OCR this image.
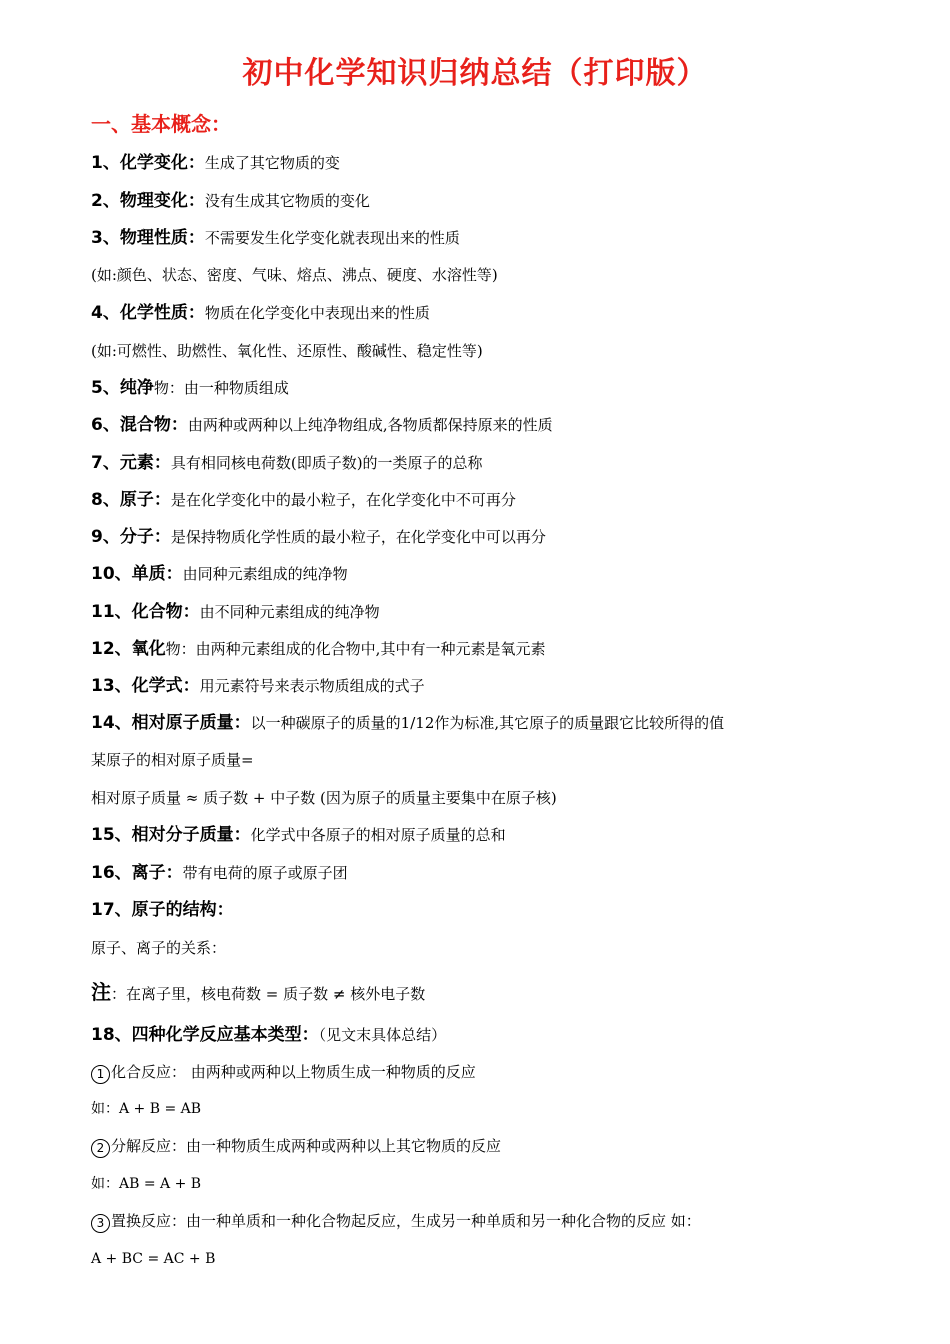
初中化学知识归纳总结（打印版）
一、基本概念：
1、化学变化：生成了其它物质的变
2、物理变化：没有生成其它物质的变化
3、物理性质：不需要发生化学变化就表现出来的性质
(如:颜色、状态、密度、气味、熔点、沸点、硬度、水溶性等)
4、化学性质：物质在化学变化中表现出来的性质
(如:可燃性、助燃性、氧化性、还原性、酸碱性、稳定性等)
5、纯净物：由一种物质组成
6、混合物：由两种或两种以上纯净物组成,各物质都保持原来的性质
7、元素：具有相同核电荷数(即质子数)的一类原子的总称
8、原子：是在化学变化中的最小粒子，在化学变化中不可再分
9、分子：是保持物质化学性质的最小粒子，在化学变化中可以再分
10、单质：由同种元素组成的纯净物
11、化合物：由不同种元素组成的纯净物
12、氧化物：由两种元素组成的化合物中,其中有一种元素是氧元素
13、化学式：用元素符号来表示物质组成的式子
14、相对原子质量：以一种碳原子的质量的1/12作为标准,其它原子的质量跟它比较所得的值
某原子的相对原子质量=
相对原子质量 ≈ 质子数 + 中子数 (因为原子的质量主要集中在原子核)
15、相对分子质量：化学式中各原子的相对原子质量的总和
16、离子：带有电荷的原子或原子团
17、原子的结构：
原子、离子的关系：
注：在离子里，核电荷数 = 质子数 ≠ 核外电子数
18、四种化学反应基本类型：（见文末具体总结）
1 化合反应： 由两种或两种以上物质生成一种物质的反应
如：A + B = AB
2 分解反应：由一种物质生成两种或两种以上其它物质的反应
如：AB = A + B
3 置换反应：由一种单质和一种化合物起反应，生成另一种单质和另一种化合物的反应 如：
A + BC = AC + B
